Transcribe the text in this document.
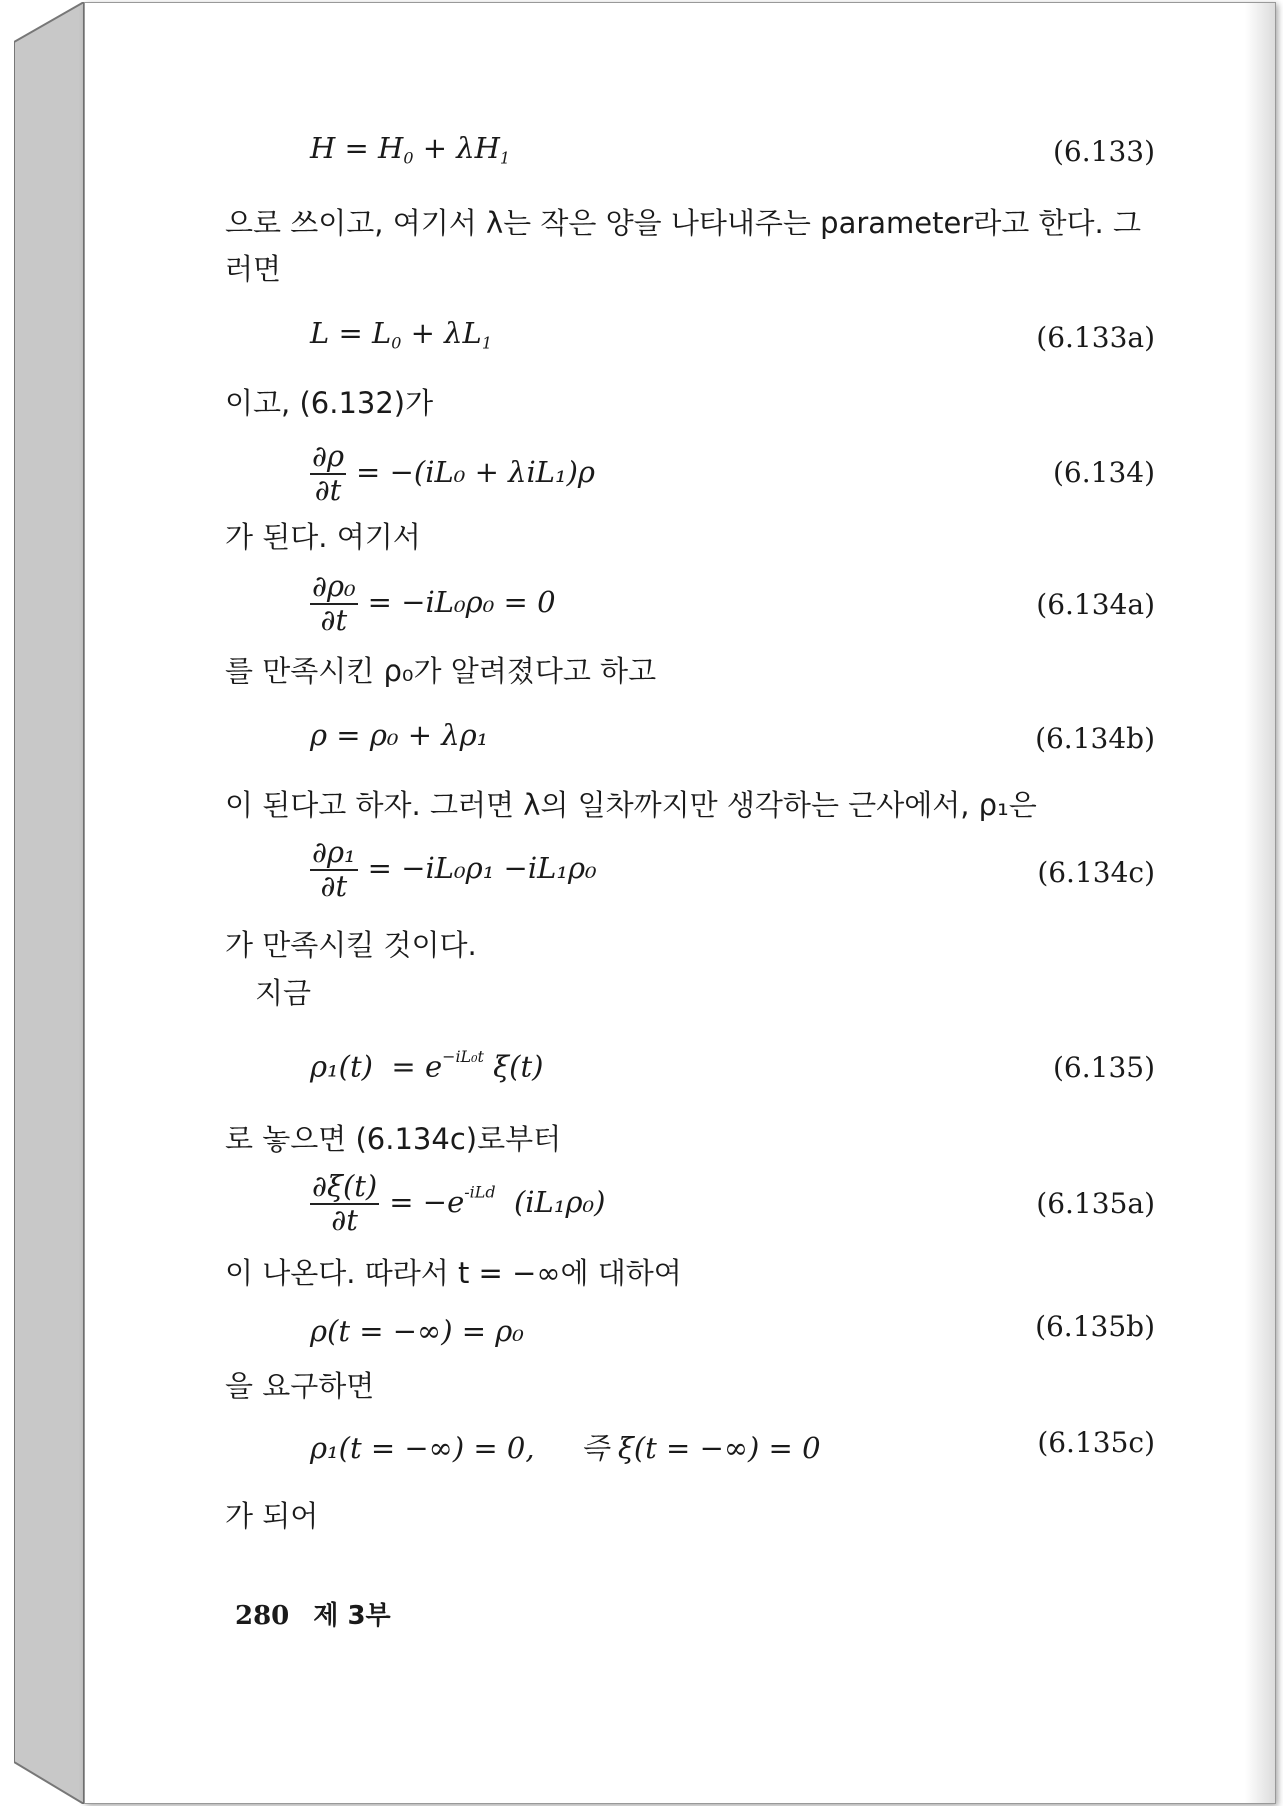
$H = H_0 + \lambda H_1$	(6.133)
으로 쓰이고, 여기서 λ는 작은 양을 나타내주는 parameter라고 한다. 그
러면
$L = L_0 + \lambda L_1$	(6.133a)
이고, (6.132)가
$\frac{\partial\rho}{\partial t} = -(iL_0 + \lambda iL_1)\rho$	(6.134)
가 된다. 여기서
$\frac{\text{∂ρ₀}}{\partial t} = -iL_0\rho_0 = 0$	(6.134a)
를 만족시킨 ρ₀가 알려졌다고 하고
ρ = ρ₀ + λρ₁	(6.134b)
이 된다고 하자. 그러면 λ의 일차까지만 생각하는 근사에서, ρ₁은
$\frac{\text{∂ρ₁}}{\partial t} = -iL_0\rho_1 -iL_1\rho_0$	(6.134c)
가 만족시킬 것이다.
지금
$\rho_1(t) = e^{-iL_0t}$ ξ(t)	(6.135)
로 놓으면 (6.134c)로부터
$\frac{\partial\xi(t)}{\partial t} = -e^{-iLd}$ (iL₁ρ₀)	(6.135a)
이 나온다. 따라서 t = −∞에 대하여
ρ(t = −∞) = ρ₀	(6.135b)
을 요구하면
ρ₁(t = −∞) = 0, 즉 ξ(t = −∞) = 0	(6.135c)
가 되어
280 제 3부
